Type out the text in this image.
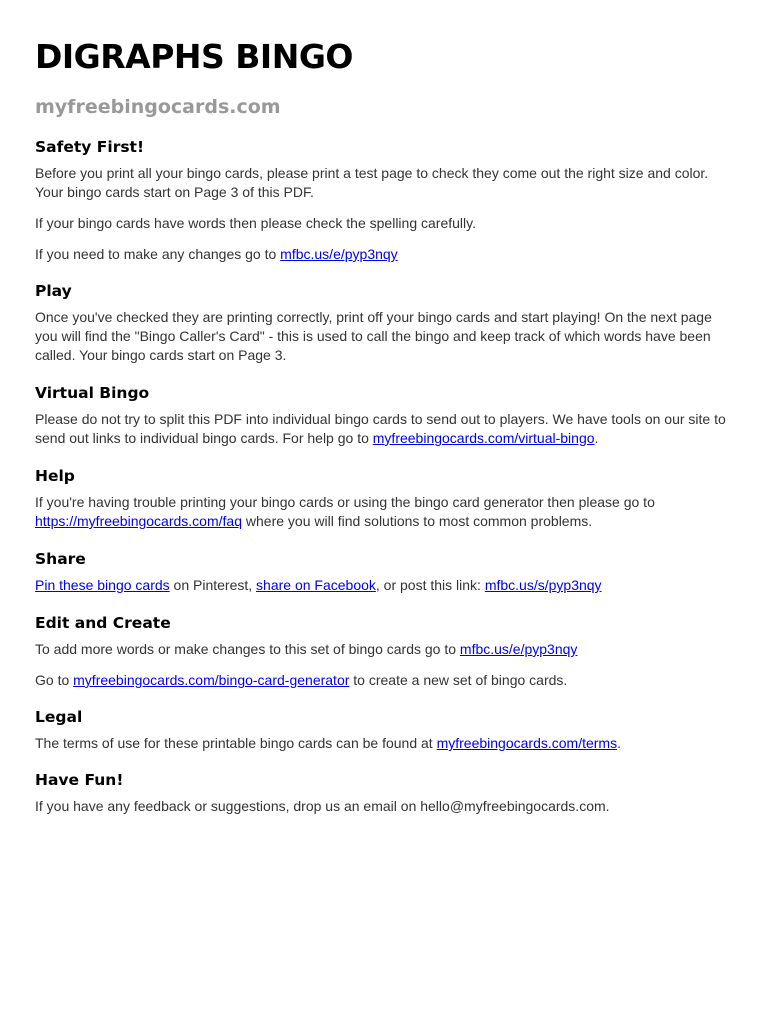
DIGRAPHS BINGO
myfreebingocards.com
Safety First!

Before you print all your bingo cards, please print a test page to check they come out the right size and color. Your bingo cards start on Page 3 of this PDF.

If your bingo cards have words then please check the spelling carefully.

If you need to make any changes go to mfbc.us/e/pyp3nqy

Play

Once you've checked they are printing correctly, print off your bingo cards and start playing! On the next page you will find the "Bingo Caller's Card" - this is used to call the bingo and keep track of which words have been called. Your bingo cards start on Page 3.

Virtual Bingo

Please do not try to split this PDF into individual bingo cards to send out to players. We have tools on our site to send out links to individual bingo cards. For help go to myfreebingocards.com/virtual-bingo.

Help

If you're having trouble printing your bingo cards or using the bingo card generator then please go to https://myfreebingocards.com/faq where you will find solutions to most common problems.

Share

Pin these bingo cards on Pinterest, share on Facebook, or post this link: mfbc.us/s/pyp3nqy

Edit and Create

To add more words or make changes to this set of bingo cards go to mfbc.us/e/pyp3nqy

Go to myfreebingocards.com/bingo-card-generator to create a new set of bingo cards.

Legal

The terms of use for these printable bingo cards can be found at myfreebingocards.com/terms.

Have Fun!

If you have any feedback or suggestions, drop us an email on hello@myfreebingocards.com.
